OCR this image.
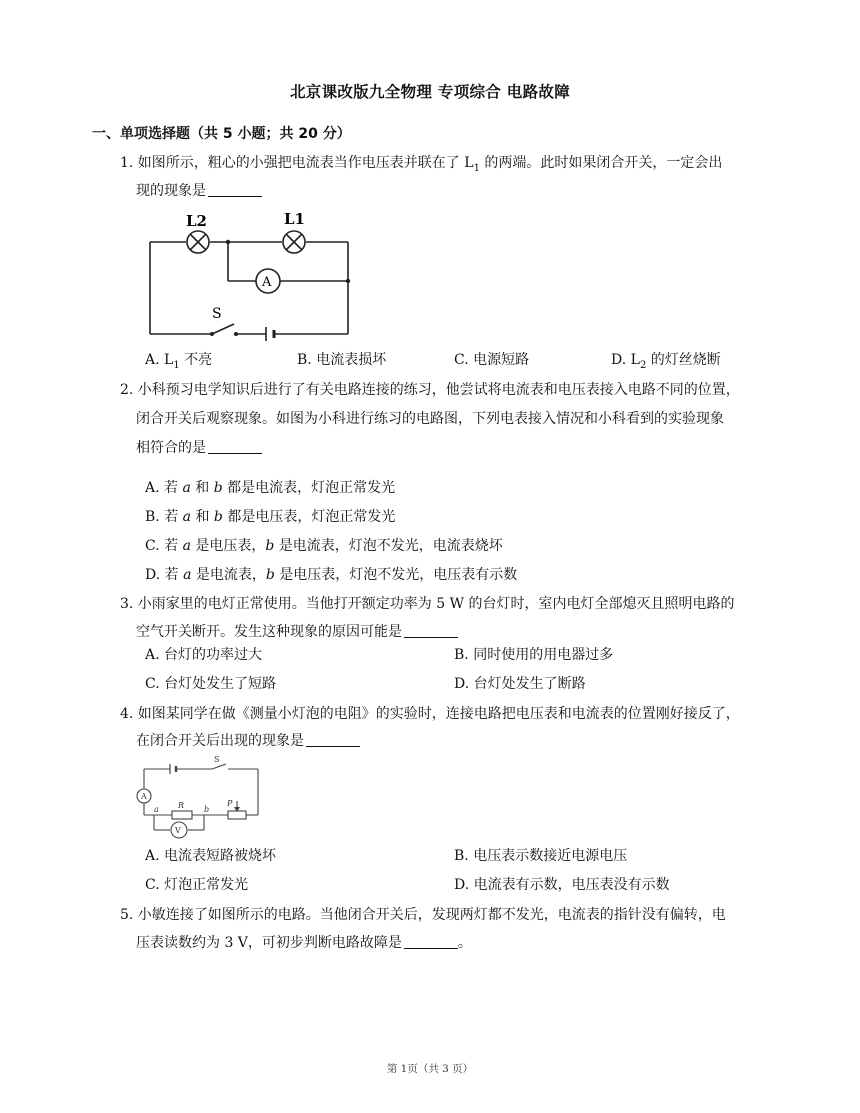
北京课改版九全物理 专项综合 电路故障
一、单项选择题（共 5 小题；共 20 分）
1. 如图所示，粗心的小强把电流表当作电压表并联在了 $L_1$ 的两端。此时如果闭合开关，一定会出
现的现象是
L2	L1
A
S
A. $L_1$ 不亮	B. 电流表损坏	C. 电源短路	D. $L_2$ 的灯丝烧断
2. 小科预习电学知识后进行了有关电路连接的练习，他尝试将电流表和电压表接入电路不同的位置，
闭合开关后观察现象。如图为小科进行练习的电路图，下列电表接入情况和小科看到的实验现象
相符合的是
A. 若 a 和 b 都是电流表，灯泡正常发光
B. 若 a 和 b 都是电压表，灯泡正常发光
C. 若 a 是电压表，b 是电流表，灯泡不发光，电流表烧坏
D. 若 a 是电流表，b 是电压表，灯泡不发光，电压表有示数
3. 小雨家里的电灯正常使用。当他打开额定功率为 5 W 的台灯时，室内电灯全部熄灭且照明电路的
空气开关断开。发生这种现象的原因可能是
A. 台灯的功率过大	B. 同时使用的用电器过多
C. 台灯处发生了短路	D. 台灯处发生了断路
4. 如图某同学在做《测量小灯泡的电阻》的实验时，连接电路把电压表和电流表的位置刚好接反了，
在闭合开关后出现的现象是
S
A
V
R
a	b
P
A. 电流表短路被烧坏	B. 电压表示数接近电源电压
C. 灯泡正常发光	D. 电流表有示数，电压表没有示数
5. 小敏连接了如图所示的电路。当他闭合开关后，发现两灯都不发光，电流表的指针没有偏转，电
压表读数约为 3 V，可初步判断电路故障是	。
第 1页（共 3 页）
